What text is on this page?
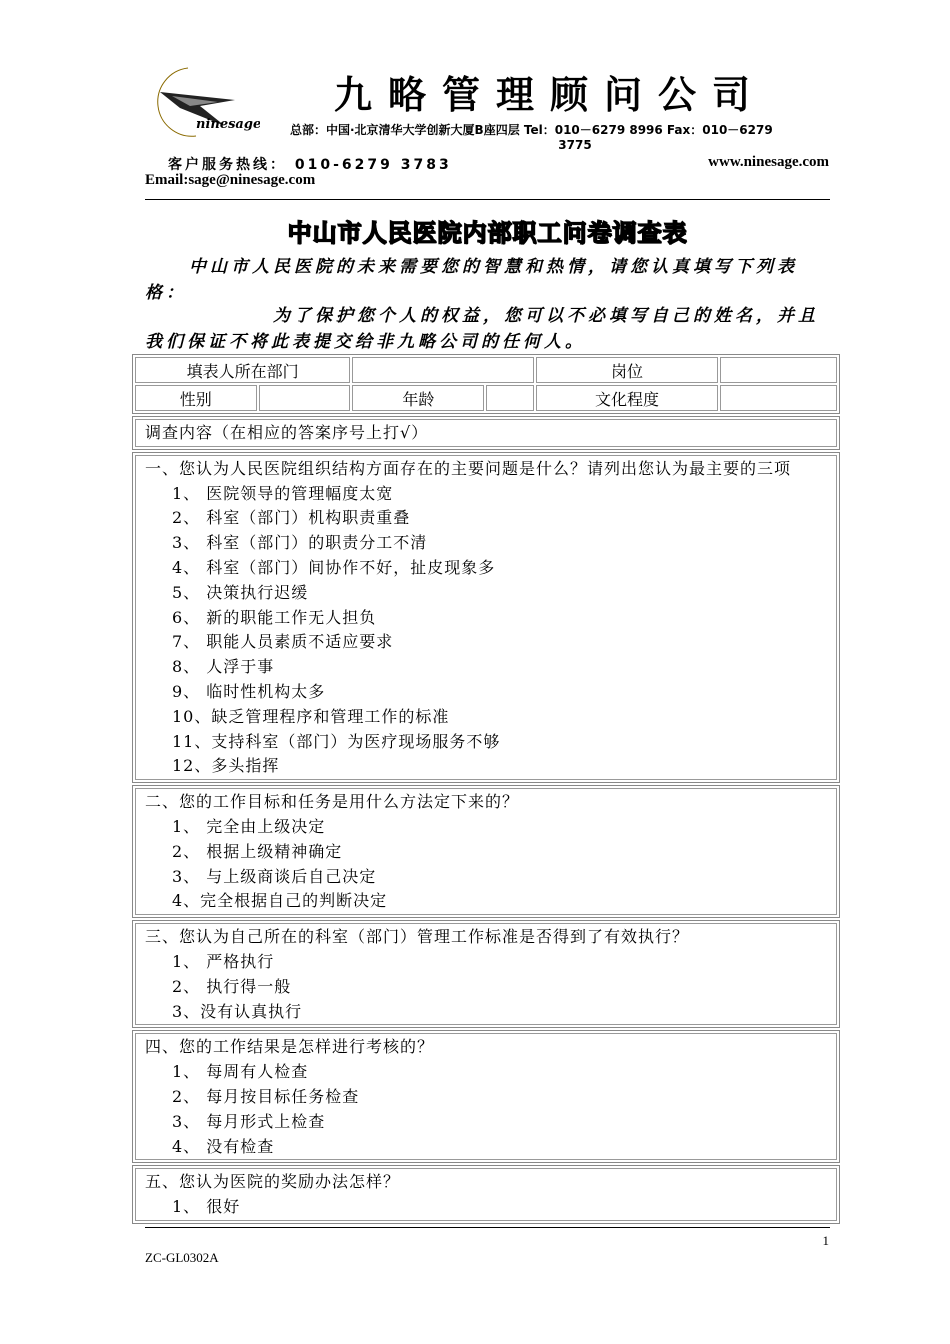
ninesage
九略管理顾问公司
总部：中国·北京清华大学创新大厦B座四层 Tel：010－6279 8996 Fax：010－6279
3775
客户服务热线： 010-6279 3783	www.ninesage.com
Email:sage@ninesage.com
中山市人民医院内部职工问卷调查表
中山市人民医院的未来需要您的智慧和热情，请您认真填写下列表格：
为了保护您个人的权益，您可以不必填写自己的姓名，并且我们保证不将此表提交给非九略公司的任何人。
填表人所在部门				岗位	
性别		年龄		文化程度	
调查内容（在相应的答案序号上打√）
一、您认为人民医院组织结构方面存在的主要问题是什么？请列出您认为最主要的三项
1、 医院领导的管理幅度太宽
2、 科室（部门）机构职责重叠
3、 科室（部门）的职责分工不清
4、 科室（部门）间协作不好，扯皮现象多
5、 决策执行迟缓
6、 新的职能工作无人担负
7、 职能人员素质不适应要求
8、 人浮于事
9、 临时性机构太多
10、缺乏管理程序和管理工作的标准
11、支持科室（部门）为医疗现场服务不够
12、多头指挥
二、您的工作目标和任务是用什么方法定下来的？
1、 完全由上级决定
2、 根据上级精神确定
3、 与上级商谈后自己决定
4、完全根据自己的判断决定
三、您认为自己所在的科室（部门）管理工作标准是否得到了有效执行？
1、 严格执行
2、 执行得一般
3、没有认真执行
四、您的工作结果是怎样进行考核的？
1、 每周有人检查
2、 每月按目标任务检查
3、 每月形式上检查
4、 没有检查
五、您认为医院的奖励办法怎样？
1、 很好
1
ZC-GL0302A
